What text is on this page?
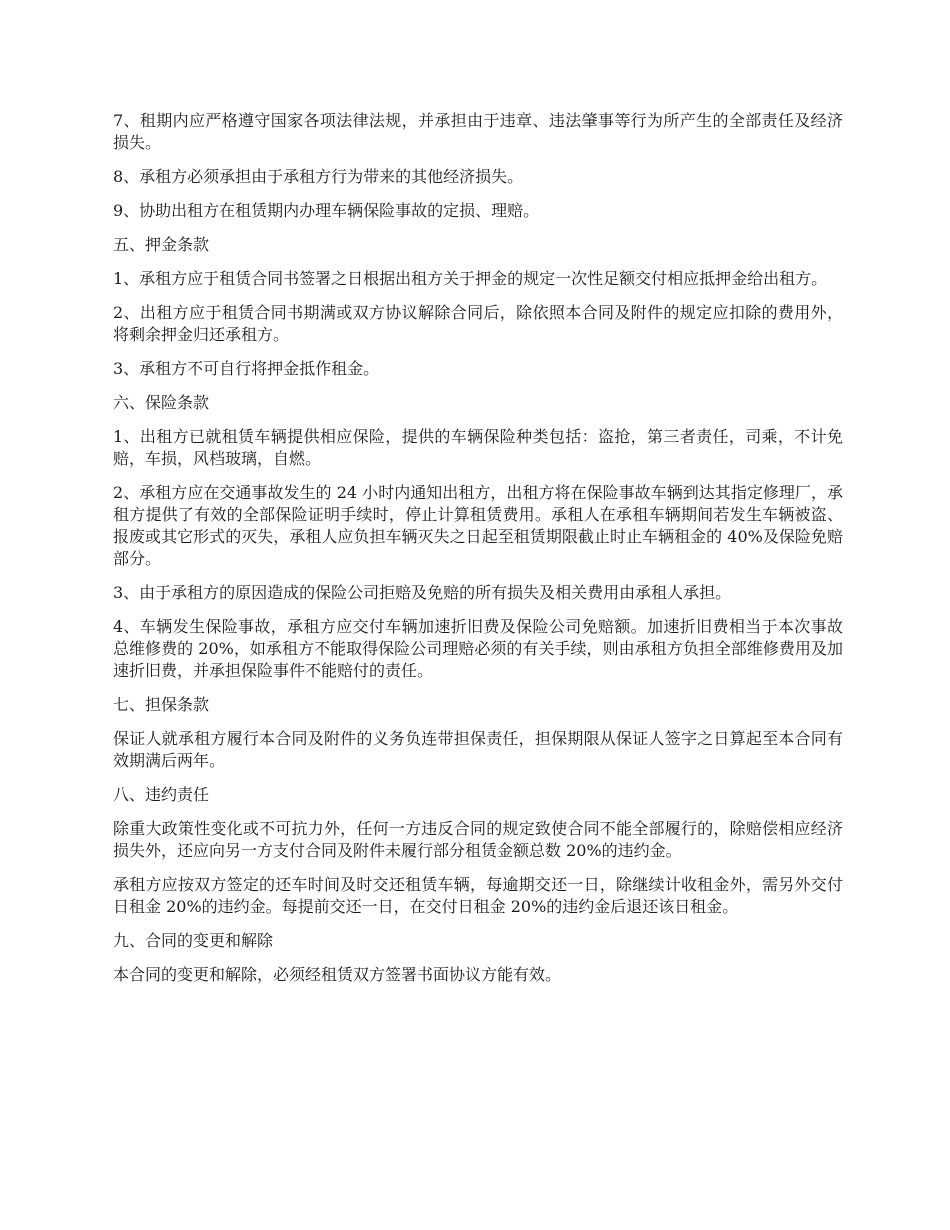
7、租期内应严格遵守国家各项法律法规，并承担由于违章、违法肇事等行为所产生的全部责任及经济损失。

8、承租方必须承担由于承租方行为带来的其他经济损失。

9、协助出租方在租赁期内办理车辆保险事故的定损、理赔。

五、押金条款

1、承租方应于租赁合同书签署之日根据出租方关于押金的规定一次性足额交付相应抵押金给出租方。

2、出租方应于租赁合同书期满或双方协议解除合同后，除依照本合同及附件的规定应扣除的费用外，将剩余押金归还承租方。

3、承租方不可自行将押金抵作租金。

六、保险条款

1、出租方已就租赁车辆提供相应保险，提供的车辆保险种类包括：盗抢，第三者责任，司乘，不计免赔，车损，风档玻璃，自燃。

2、承租方应在交通事故发生的 24 小时内通知出租方，出租方将在保险事故车辆到达其指定修理厂，承租方提供了有效的全部保险证明手续时，停止计算租赁费用。承租人在承租车辆期间若发生车辆被盗、报废或其它形式的灭失，承租人应负担车辆灭失之日起至租赁期限截止时止车辆租金的 40%及保险免赔部分。

3、由于承租方的原因造成的保险公司拒赔及免赔的所有损失及相关费用由承租人承担。

4、车辆发生保险事故，承租方应交付车辆加速折旧费及保险公司免赔额。加速折旧费相当于本次事故总维修费的 20%，如承租方不能取得保险公司理赔必须的有关手续，则由承租方负担全部维修费用及加速折旧费，并承担保险事件不能赔付的责任。

七、担保条款

保证人就承租方履行本合同及附件的义务负连带担保责任，担保期限从保证人签字之日算起至本合同有效期满后两年。

八、违约责任

除重大政策性变化或不可抗力外，任何一方违反合同的规定致使合同不能全部履行的，除赔偿相应经济损失外，还应向另一方支付合同及附件未履行部分租赁金额总数 20%的违约金。

承租方应按双方签定的还车时间及时交还租赁车辆，每逾期交还一日，除继续计收租金外，需另外交付日租金 20%的违约金。每提前交还一日，在交付日租金 20%的违约金后退还该日租金。

九、合同的变更和解除

本合同的变更和解除，必须经租赁双方签署书面协议方能有效。
